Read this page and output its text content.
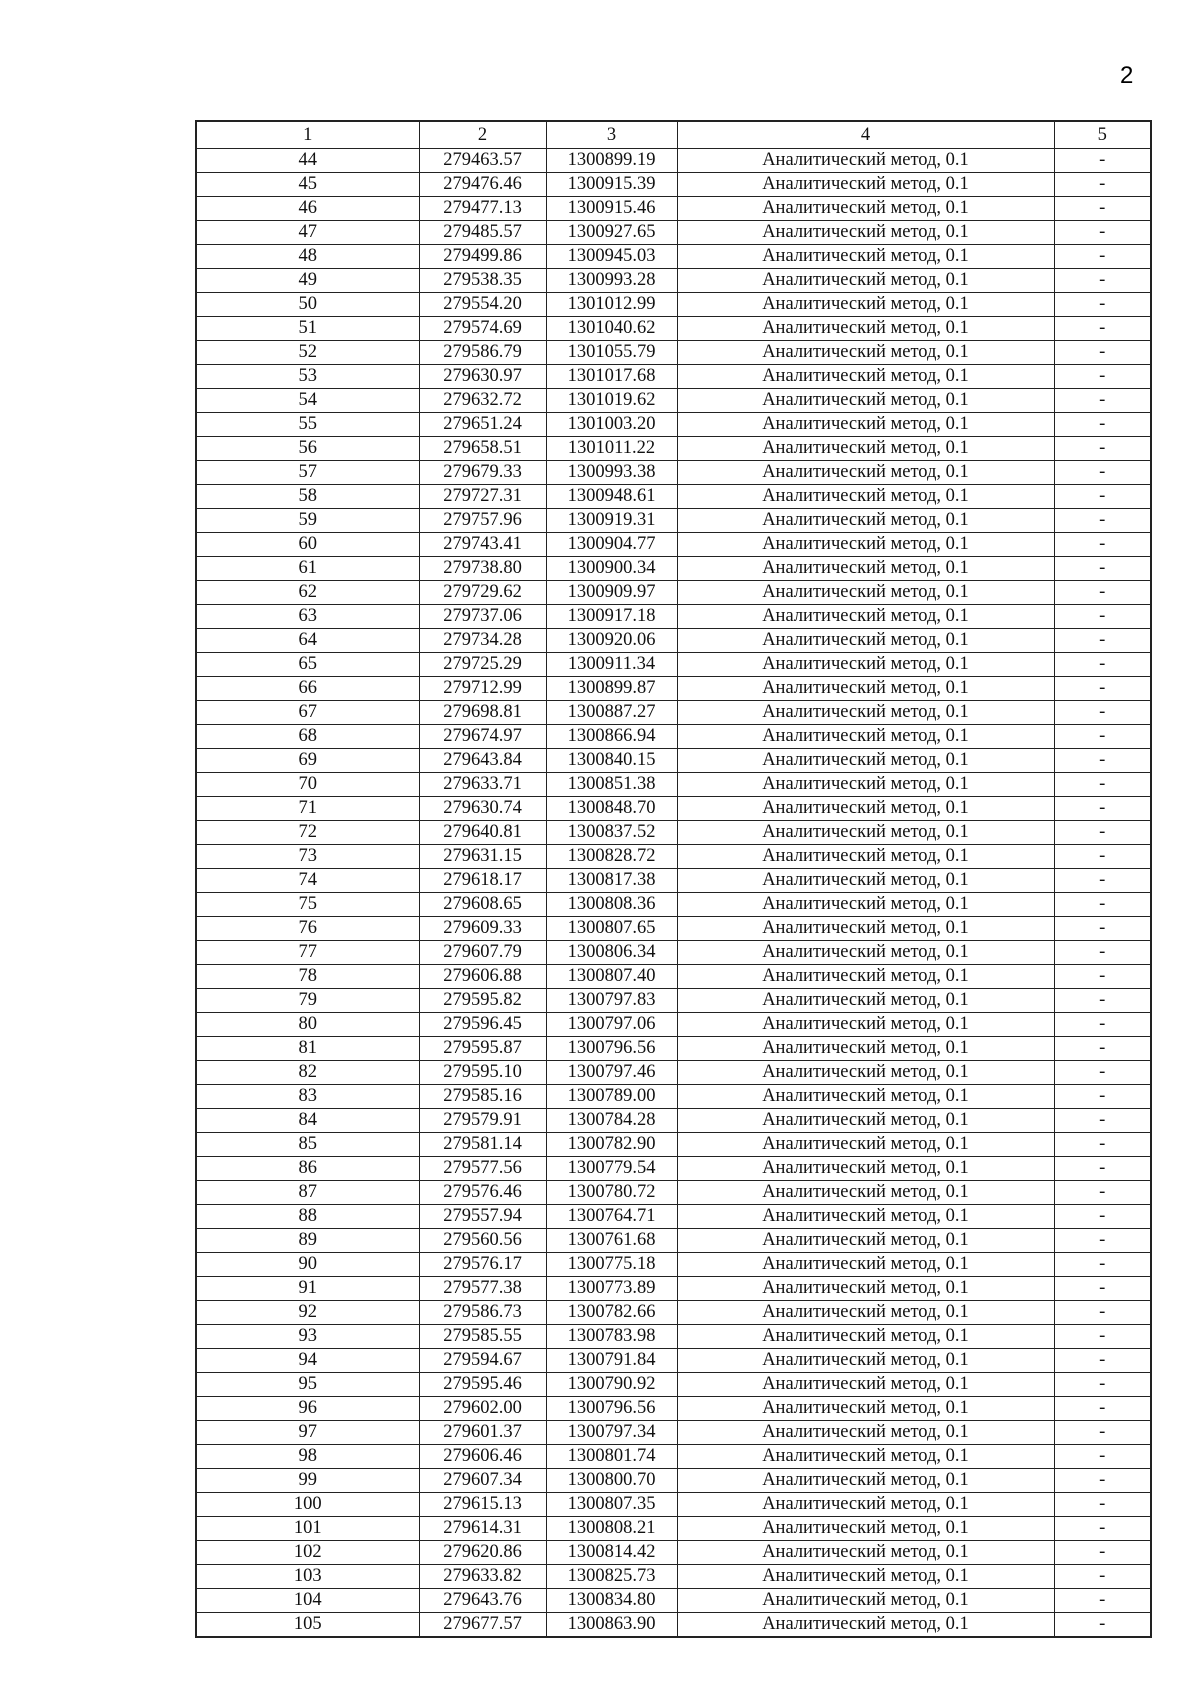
2
1	2	3	4	5
44	279463.57	1300899.19	Аналитический метод, 0.1	-
45	279476.46	1300915.39	Аналитический метод, 0.1	-
46	279477.13	1300915.46	Аналитический метод, 0.1	-
47	279485.57	1300927.65	Аналитический метод, 0.1	-
48	279499.86	1300945.03	Аналитический метод, 0.1	-
49	279538.35	1300993.28	Аналитический метод, 0.1	-
50	279554.20	1301012.99	Аналитический метод, 0.1	-
51	279574.69	1301040.62	Аналитический метод, 0.1	-
52	279586.79	1301055.79	Аналитический метод, 0.1	-
53	279630.97	1301017.68	Аналитический метод, 0.1	-
54	279632.72	1301019.62	Аналитический метод, 0.1	-
55	279651.24	1301003.20	Аналитический метод, 0.1	-
56	279658.51	1301011.22	Аналитический метод, 0.1	-
57	279679.33	1300993.38	Аналитический метод, 0.1	-
58	279727.31	1300948.61	Аналитический метод, 0.1	-
59	279757.96	1300919.31	Аналитический метод, 0.1	-
60	279743.41	1300904.77	Аналитический метод, 0.1	-
61	279738.80	1300900.34	Аналитический метод, 0.1	-
62	279729.62	1300909.97	Аналитический метод, 0.1	-
63	279737.06	1300917.18	Аналитический метод, 0.1	-
64	279734.28	1300920.06	Аналитический метод, 0.1	-
65	279725.29	1300911.34	Аналитический метод, 0.1	-
66	279712.99	1300899.87	Аналитический метод, 0.1	-
67	279698.81	1300887.27	Аналитический метод, 0.1	-
68	279674.97	1300866.94	Аналитический метод, 0.1	-
69	279643.84	1300840.15	Аналитический метод, 0.1	-
70	279633.71	1300851.38	Аналитический метод, 0.1	-
71	279630.74	1300848.70	Аналитический метод, 0.1	-
72	279640.81	1300837.52	Аналитический метод, 0.1	-
73	279631.15	1300828.72	Аналитический метод, 0.1	-
74	279618.17	1300817.38	Аналитический метод, 0.1	-
75	279608.65	1300808.36	Аналитический метод, 0.1	-
76	279609.33	1300807.65	Аналитический метод, 0.1	-
77	279607.79	1300806.34	Аналитический метод, 0.1	-
78	279606.88	1300807.40	Аналитический метод, 0.1	-
79	279595.82	1300797.83	Аналитический метод, 0.1	-
80	279596.45	1300797.06	Аналитический метод, 0.1	-
81	279595.87	1300796.56	Аналитический метод, 0.1	-
82	279595.10	1300797.46	Аналитический метод, 0.1	-
83	279585.16	1300789.00	Аналитический метод, 0.1	-
84	279579.91	1300784.28	Аналитический метод, 0.1	-
85	279581.14	1300782.90	Аналитический метод, 0.1	-
86	279577.56	1300779.54	Аналитический метод, 0.1	-
87	279576.46	1300780.72	Аналитический метод, 0.1	-
88	279557.94	1300764.71	Аналитический метод, 0.1	-
89	279560.56	1300761.68	Аналитический метод, 0.1	-
90	279576.17	1300775.18	Аналитический метод, 0.1	-
91	279577.38	1300773.89	Аналитический метод, 0.1	-
92	279586.73	1300782.66	Аналитический метод, 0.1	-
93	279585.55	1300783.98	Аналитический метод, 0.1	-
94	279594.67	1300791.84	Аналитический метод, 0.1	-
95	279595.46	1300790.92	Аналитический метод, 0.1	-
96	279602.00	1300796.56	Аналитический метод, 0.1	-
97	279601.37	1300797.34	Аналитический метод, 0.1	-
98	279606.46	1300801.74	Аналитический метод, 0.1	-
99	279607.34	1300800.70	Аналитический метод, 0.1	-
100	279615.13	1300807.35	Аналитический метод, 0.1	-
101	279614.31	1300808.21	Аналитический метод, 0.1	-
102	279620.86	1300814.42	Аналитический метод, 0.1	-
103	279633.82	1300825.73	Аналитический метод, 0.1	-
104	279643.76	1300834.80	Аналитический метод, 0.1	-
105	279677.57	1300863.90	Аналитический метод, 0.1	-
